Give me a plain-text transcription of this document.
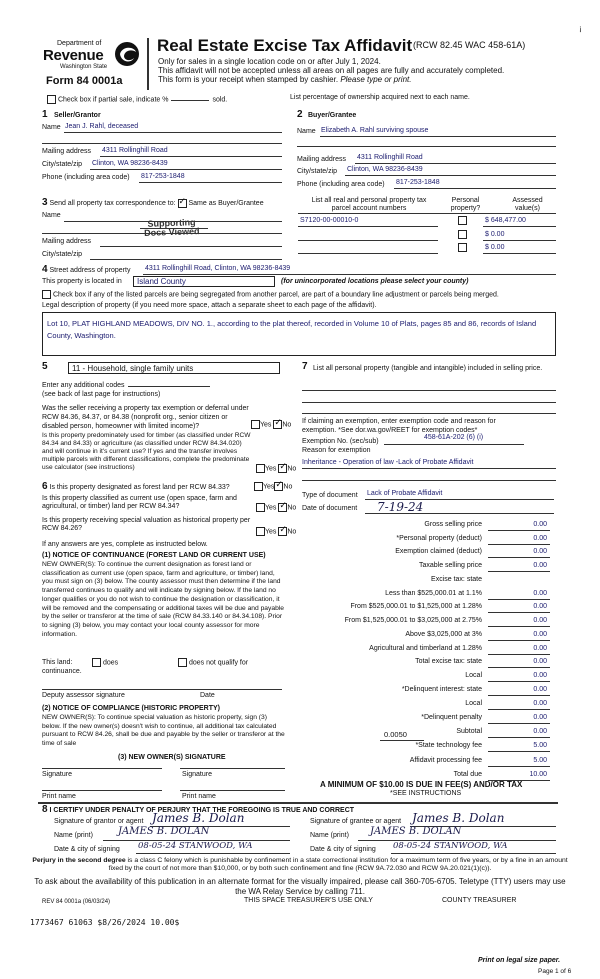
Department of
Revenue
Washington State
Form 84 0001a
Real Estate Excise Tax Affidavit (RCW 82.45 WAC 458-61A)
¡
Only for sales in a single location code on or after July 1, 2024.
This affidavit will not be accepted unless all areas on all pages are fully and accurately completed.
This form is your receipt when stamped by cashier. Please type or print.
Check box if partial sale, indicate %	sold.	List percentage of ownership acquired next to each name.
1 Seller/Grantor
Name Jean J. Rahl, deceased
Mailing address 4311 Rollinghill Road
City/state/zip Clinton, WA 98236-8439
Phone (including area code) 817-253-1848
2 Buyer/Grantee
Name Elizabeth A. Rahl surviving spouse
Mailing address 4311 Rollinghill Road
City/state/zip Clinton, WA 98236-8439
Phone (including area code) 817-253-1848
3 Send all property tax correspondence to: ✓ Same as Buyer/Grantee
Name
Supporting
Docs Viewed
Mailing address
City/state/zip
List all real and personal property tax
parcel account numbers
Personal
property?
Assessed
value(s)
S7120-00-00010-0	$ 648,477.00
$ 0.00
$ 0.00
4 Street address of property 4311 Rollinghill Road, Clinton, WA 98236-8439
This property is located in Island County	(for unincorporated locations please select your county)
Check box if any of the listed parcels are being segregated from another parcel, are part of a boundary line adjustment or parcels being merged.
Legal description of property (if you need more space, attach a separate sheet to each page of the affidavit).
Lot 10, PLAT HIGHLAND MEADOWS, DIV NO. 1., according to the plat thereof, recorded in Volume 10 of Plats, pages 85 and 86, records of Island County, Washington.
5	11 - Household, single family units
Enter any additional codes
(see back of last page for instructions)
Was the seller receiving a property tax exemption or deferral under RCW 84.36, 84.37, or 84.38 (nonprofit org., senior citizen or disabled person, homeowner with limited income)?	Yes ✓ No
Is this property predominately used for timber (as classified under RCW 84.34 and 84.33) or agriculture (as classified under RCW 84.34.020) and will continue in it's current use? If yes and the transfer involves multiple parcels with different classifications, complete the predominate use calculator (see instructions)	Yes ✓ No
6 Is this property designated as forest land per RCW 84.33?	Yes ✓ No
Is this property classified as current use (open space, farm and agricultural, or timber) land per RCW 84.34?	Yes ✓ No
Is this property receiving special valuation as historical property per RCW 84.26?	Yes ✓ No
If any answers are yes, complete as instructed below.
(1) NOTICE OF CONTINUANCE (FOREST LAND OR CURRENT USE)
NEW OWNER(S): To continue the current designation as forest land or classification as current use (open space, farm and agriculture, or timber) land, you must sign on (3) below. The county assessor must then determine if the land transferred continues to qualify and will indicate by signing below. If the land no longer qualifies or you do not wish to continue the designation or classification, it will be removed and the compensating or additional taxes will be due and payable by the seller or transferor at the time of sale (RCW 84.33.140 or 84.34.108). Prior to signing (3) below, you may contact your local county assessor for more information.
This land:	does	does not qualify for
continuance.
Deputy assessor signature	Date
(2) NOTICE OF COMPLIANCE (HISTORIC PROPERTY)
NEW OWNER(S): To continue special valuation as historic property, sign (3) below. If the new owner(s) doesn't wish to continue, all additional tax calculated pursuant to RCW 84.26, shall be due and payable by the seller or transferor at the time of sale
(3) NEW OWNER(S) SIGNATURE
Signature	Signature
Print name	Print name
7 List all personal property (tangible and intangible) included in selling price.
If claiming an exemption, enter exemption code and reason for exemption. *See dor.wa.gov/REET for exemption codes*
Exemption No. (sec/sub)
458-61A-202 (6) (i)
Reason for exemption
Inheritance - Operation of law -Lack of Probate Affidavit
Type of document Lack of Probate Affidavit
Date of document 7-19-24
Gross selling price	0.00
*Personal property (deduct)	0.00
Exemption claimed (deduct)	0.00
Taxable selling price	0.00
Excise tax: state
Less than $525,000.01 at 1.1%	0.00
From $525,000.01 to $1,525,000 at 1.28%	0.00
From $1,525,000.01 to $3,025,000 at 2.75%	0.00
Above $3,025,000 at 3%	0.00
Agricultural and timberland at 1.28%	0.00
Total excise tax: state	0.00
Local	0.00
*Delinquent interest: state	0.00
Local	0.00
*Delinquent penalty	0.00
Subtotal	0.00
*State technology fee	5.00
Affidavit processing fee	5.00
Total due	10.00
0.0050
A MINIMUM OF $10.00 IS DUE IN FEE(S) AND/OR TAX
*SEE INSTRUCTIONS
8 I CERTIFY UNDER PENALTY OF PERJURY THAT THE FOREGOING IS TRUE AND CORRECT
Signature of grantor or agent James B. Dolan
Name (print)	JAMES B. DOLAN
Date & city of signing 08-05-24 STANWOOD, WA
Signature of grantee or agent James B. Dolan
Name (print) JAMES B. DOLAN
Date & city of signing 08-05-24 STANWOOD, WA
Perjury in the second degree is a class C felony which is punishable by confinement in a state correctional institution for a maximum term of five years, or by a fine in an amount fixed by the court of not more than $10,000, or by both such confinement and fine (RCW 9A.72.030 and RCW 9A.20.021(1)(c)).
To ask about the availability of this publication in an alternate format for the visually impaired, please call 360-705-6705. Teletype (TTY) users may use the WA Relay Service by calling 711.
REV 84 0001a (06/03/24)	THIS SPACE TREASURER'S USE ONLY	COUNTY TREASURER
1773467 61063 $8/26/2024 10.00$
Print on legal size paper.
Page 1 of 6
